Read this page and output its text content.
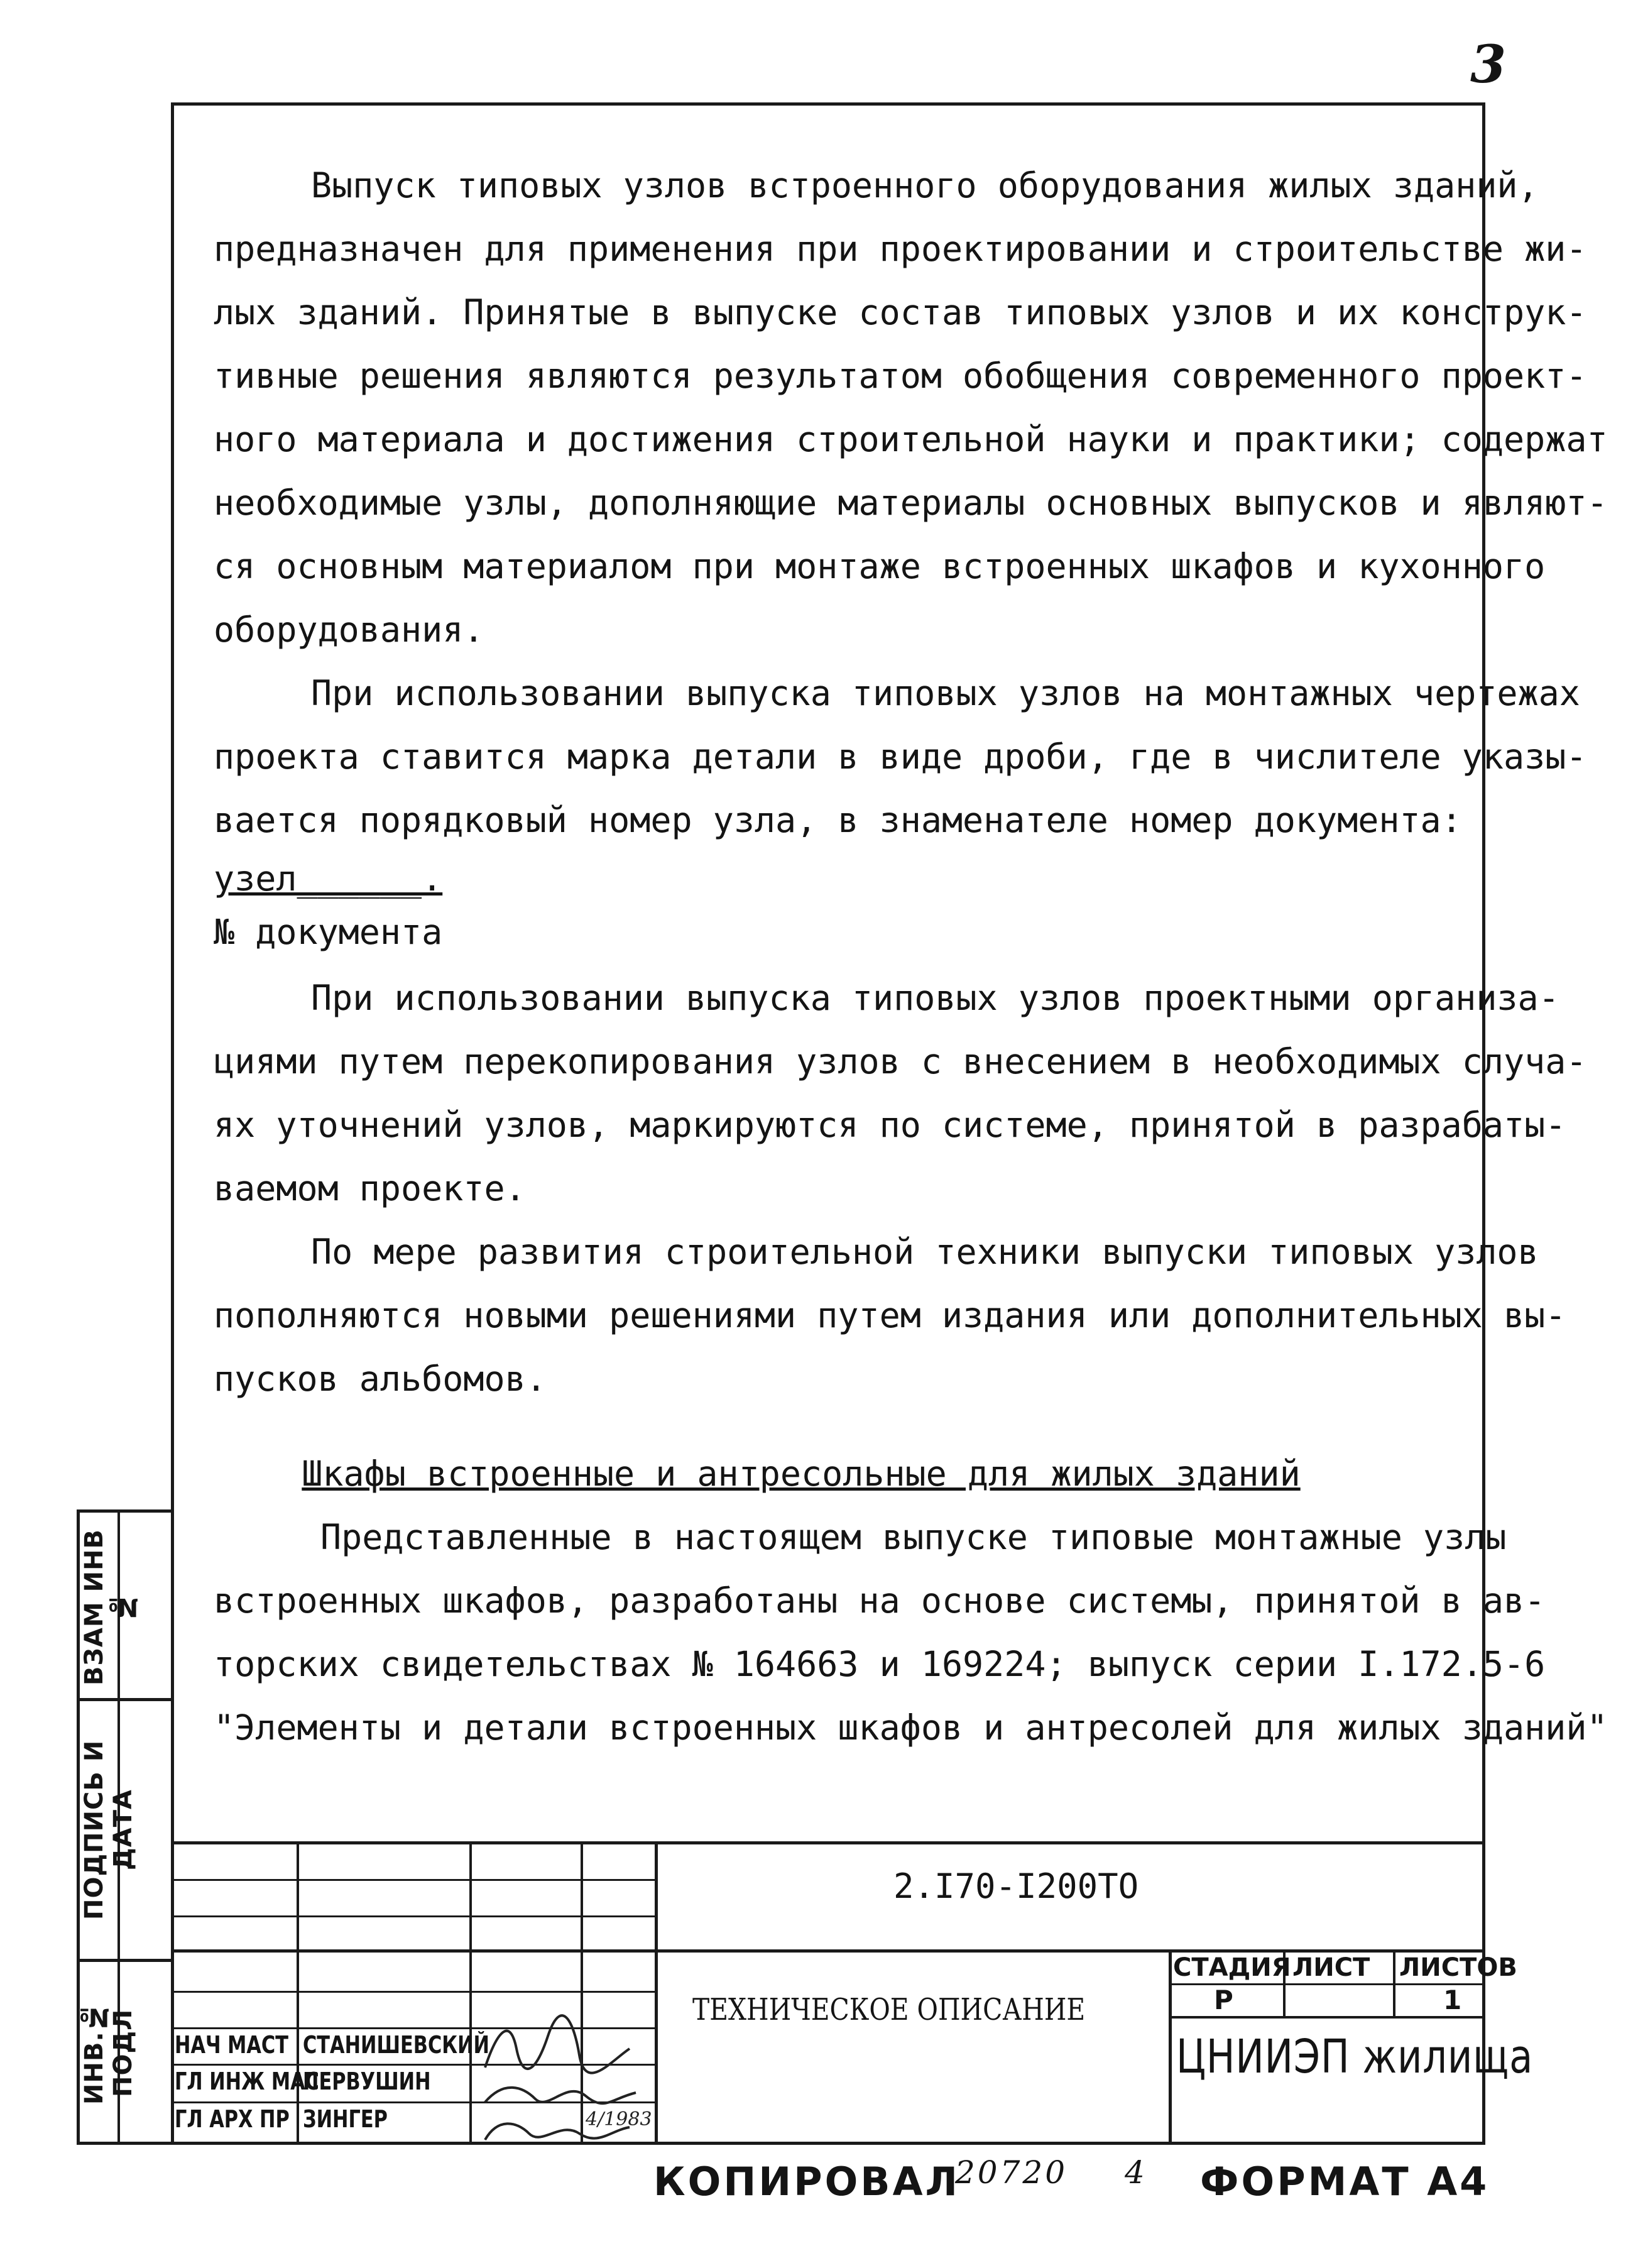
3

Выпуск типовых узлов встроенного оборудования жилых зданий,

предназначен для применения при проектировании и строительстве жи-

лых зданий. Принятые в выпуске состав типовых узлов и их конструк-

тивные решения являются результатом обобщения современного проект-

ного материала и достижения строительной науки и практики; содержат

необходимые узлы, дополняющие материалы основных выпусков и являют-

ся основным материалом при монтаже встроенных шкафов и кухонного

оборудования.

При использовании выпуска типовых узлов на монтажных чертежах

проекта ставится марка детали в виде дроби, где в числителе указы-

вается порядковый номер узла, в знаменателе номер документа:

узел______.

№ документа

При использовании выпуска типовых узлов проектными организа-

циями путем перекопирования узлов с внесением в необходимых случа-

ях уточнений узлов, маркируются по системе, принятой в разрабаты-

ваемом проекте.

По мере развития строительной техники выпуски типовых узлов

пополняются новыми решениями путем издания или дополнительных вы-

пусков альбомов.

Шкафы встроенные и антресольные для жилых зданий

Представленные в настоящем выпуске типовые монтажные узлы

встроенных шкафов, разработаны на основе системы, принятой в ав-

торских свидетельствах № 164663 и 169224; выпуск серии I.172.5-6

"Элементы и детали встроенных шкафов и антресолей для жилых зданий"

ВЗАМ ИНВ №
ПОДПИСЬ И ДАТА
ИНВ.№ ПОДЛ
2.I70-I200ТО
ТЕХНИЧЕСКОЕ ОПИСАНИЕ
СТАДИЯ ЛИСТ ЛИСТОВ
Р	1
ЦНИИЭП жилища
НАЧ МАСТ СТАНИШЕВСКИЙ
ГЛ ИНЖ МАС
ПЕРВУШИН
ГЛ АРХ ПР ЗИНГЕР	4/1983
КОПИРОВАЛ
20720 4 ФОРМАТ А4
